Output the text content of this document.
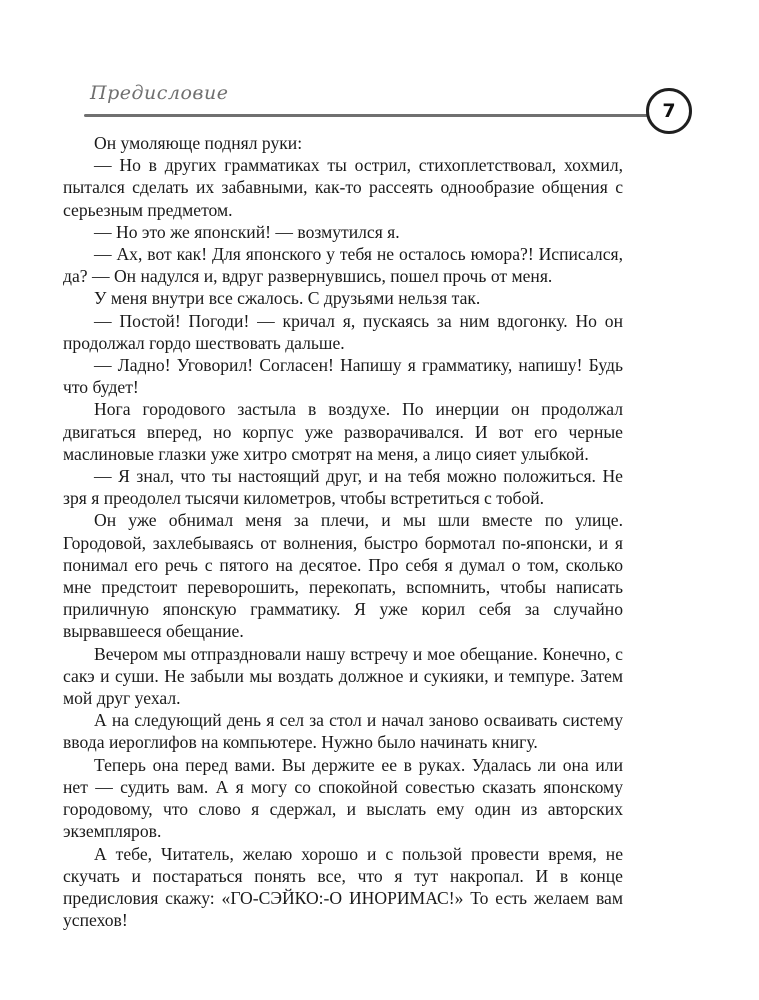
Предисловие
7

Он умоляюще поднял руки:

— Но в других грамматиках ты острил, стихоплетствовал, хохмил, пытался сделать их забавными, как-то рассеять однообразие общения с серьезным предметом.

— Но это же японский! — возмутился я.

— Ах, вот как! Для японского у тебя не осталось юмора?! Исписался, да? — Он надулся и, вдруг развернувшись, пошел прочь от меня.

У меня внутри все сжалось. С друзьями нельзя так.

— Постой! Погоди! — кричал я, пускаясь за ним вдогонку. Но он продолжал гордо шествовать дальше.

— Ладно! Уговорил! Согласен! Напишу я грамматику, напишу! Будь что будет!

Нога городового застыла в воздухе. По инерции он продолжал двигаться вперед, но корпус уже разворачивался. И вот его черные маслиновые глазки уже хитро смотрят на меня, а лицо сияет улыбкой.

— Я знал, что ты настоящий друг, и на тебя можно положиться. Не зря я преодолел тысячи километров, чтобы встретиться с тобой.

Он уже обнимал меня за плечи, и мы шли вместе по улице. Городовой, захлебываясь от волнения, быстро бормотал по-японски, и я понимал его речь с пятого на десятое. Про себя я думал о том, сколько мне предстоит переворошить, перекопать, вспомнить, чтобы написать приличную японскую грамматику. Я уже корил себя за случайно вырвавшееся обещание.

Вечером мы отпраздновали нашу встречу и мое обещание. Конечно, с сакэ и суши. Не забыли мы воздать должное и сукияки, и темпуре. Затем мой друг уехал.

А на следующий день я сел за стол и начал заново осваивать систему ввода иероглифов на компьютере. Нужно было начинать книгу.

Теперь она перед вами. Вы держите ее в руках. Удалась ли она или нет — судить вам. А я могу со спокойной совестью сказать японскому городовому, что слово я сдержал, и выслать ему один из авторских экземпляров.

А тебе, Читатель, желаю хорошо и с пользой провести время, не скучать и постараться понять все, что я тут накропал. И в конце предисловия скажу: «ГО-СЭЙКО:-О ИНОРИМАС!» То есть желаем вам успехов!
